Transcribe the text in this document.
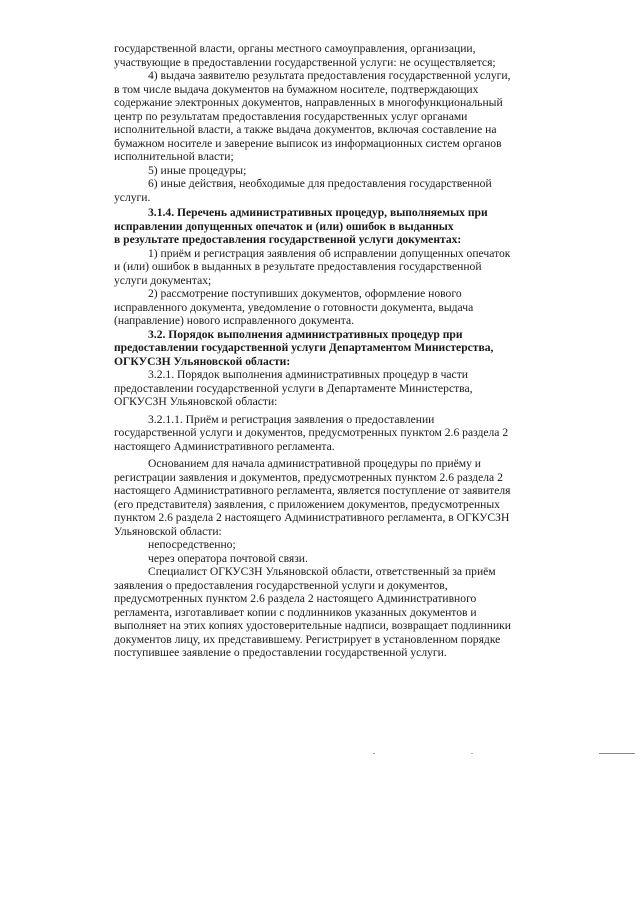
государственной власти, органы местного самоуправления, организации,
участвующие в предоставлении государственной услуги: не осуществляется;

4) выдача заявителю результата предоставления государственной услуги,
в том числе выдача документов на бумажном носителе, подтверждающих
содержание электронных документов, направленных в многофункциональный
центр по результатам предоставления государственных услуг органами
исполнительной власти, а также выдача документов, включая составление на
бумажном носителе и заверение выписок из информационных систем органов
исполнительной власти;

5) иные процедуры;

6) иные действия, необходимые для предоставления государственной
услуги.

3.1.4. Перечень административных процедур, выполняемых при
исправлении допущенных опечаток и (или) ошибок в выданных
в результате предоставления государственной услуги документах:

1) приём и регистрация заявления об исправлении допущенных опечаток
и (или) ошибок в выданных в результате предоставления государственной
услуги документах;

2) рассмотрение поступивших документов, оформление нового
исправленного документа, уведомление о готовности документа, выдача
(направление) нового исправленного документа.

3.2. Порядок выполнения административных процедур при
предоставлении государственной услуги Департаментом Министерства,
ОГКУСЗН Ульяновской области:

3.2.1. Порядок выполнения административных процедур в части
предоставлении государственной услуги в Департаменте Министерства,
ОГКУСЗН Ульяновской области:

3.2.1.1. Приём и регистрация заявления о предоставлении
государственной услуги и документов, предусмотренных пунктом 2.6 раздела 2
настоящего Административного регламента.

Основанием для начала административной процедуры по приёму и
регистрации заявления и документов, предусмотренных пунктом 2.6 раздела 2
настоящего Административного регламента, является поступление от заявителя
(его представителя) заявления, с приложением документов, предусмотренных
пунктом 2.6 раздела 2 настоящего Административного регламента, в ОГКУСЗН
Ульяновской области:

непосредственно;

через оператора почтовой связи.

Специалист ОГКУСЗН Ульяновской области, ответственный за приём
заявления о предоставления государственной услуги и документов,
предусмотренных пунктом 2.6 раздела 2 настоящего Административного
регламента, изготавливает копии с подлинников указанных документов и
выполняет на этих копиях удостоверительные надписи, возвращает подлинники
документов лицу, их представившему. Регистрирует в установленном порядке
поступившее заявление о предоставлении государственной услуги.
